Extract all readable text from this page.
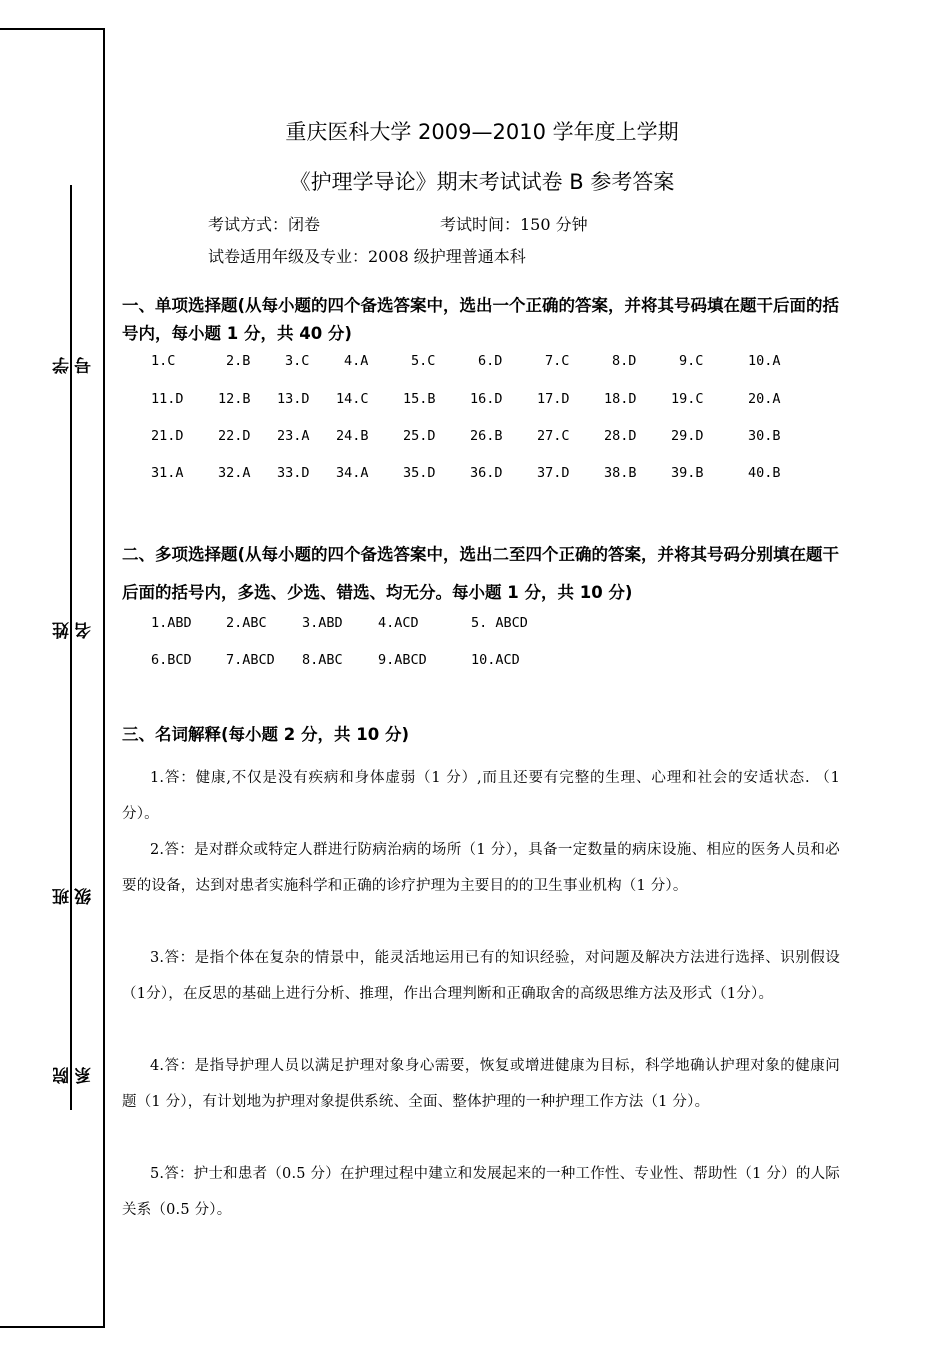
学号
姓名
班级
院系
重庆医科大学 2009—2010 学年度上学期
《护理学导论》期末考试试卷 B 参考答案
考试方式：闭卷	考试时间：150 分钟
试卷适用年级及专业：2008 级护理普通本科
一、单项选择题(从每小题的四个备选答案中，选出一个正确的答案，并将其号码填在题干后面的括号内，每小题 1 分，共 40 分)
1.C	2.B	3.C	4.A	5.C	6.D	7.C	8.D	9.C	10.A
11.D	12.B 13.D 14.C	15.B	16.D	17.D	18.D	19.C	20.A
21.D	22.D 23.A 24.B	25.D	26.B	27.C	28.D	29.D	30.B
31.A	32.A 33.D 34.A	35.D	36.D	37.D	38.B	39.B	40.B
二、多项选择题(从每小题的四个备选答案中，选出二至四个正确的答案，并将其号码分别填在题干后面的括号内，多选、少选、错选、均无分。每小题 1 分，共 10 分)
1.ABD	2.ABC	3.ABD	4.ACD	5. ABCD
6.BCD	7.ABCD 8.ABC	9.ABCD	10.ACD
三、名词解释(每小题 2 分，共 10 分)
1.答：健康,不仅是没有疾病和身体虚弱（1 分）,而且还要有完整的生理、心理和社会的安适状态. （1 分）。
2.答：是对群众或特定人群进行防病治病的场所（1 分），具备一定数量的病床设施、相应的医务人员和必要的设备，达到对患者实施科学和正确的诊疗护理为主要目的的卫生事业机构（1 分）。
3.答：是指个体在复杂的情景中，能灵活地运用已有的知识经验，对问题及解决方法进行选择、识别假设（1分），在反思的基础上进行分析、推理，作出合理判断和正确取舍的高级思维方法及形式（1分）。
4.答：是指导护理人员以满足护理对象身心需要，恢复或增进健康为目标，科学地确认护理对象的健康问题（1 分），有计划地为护理对象提供系统、全面、整体护理的一种护理工作方法（1 分）。
5.答：护士和患者（0.5 分）在护理过程中建立和发展起来的一种工作性、专业性、帮助性（1 分）的人际关系（0.5 分）。
